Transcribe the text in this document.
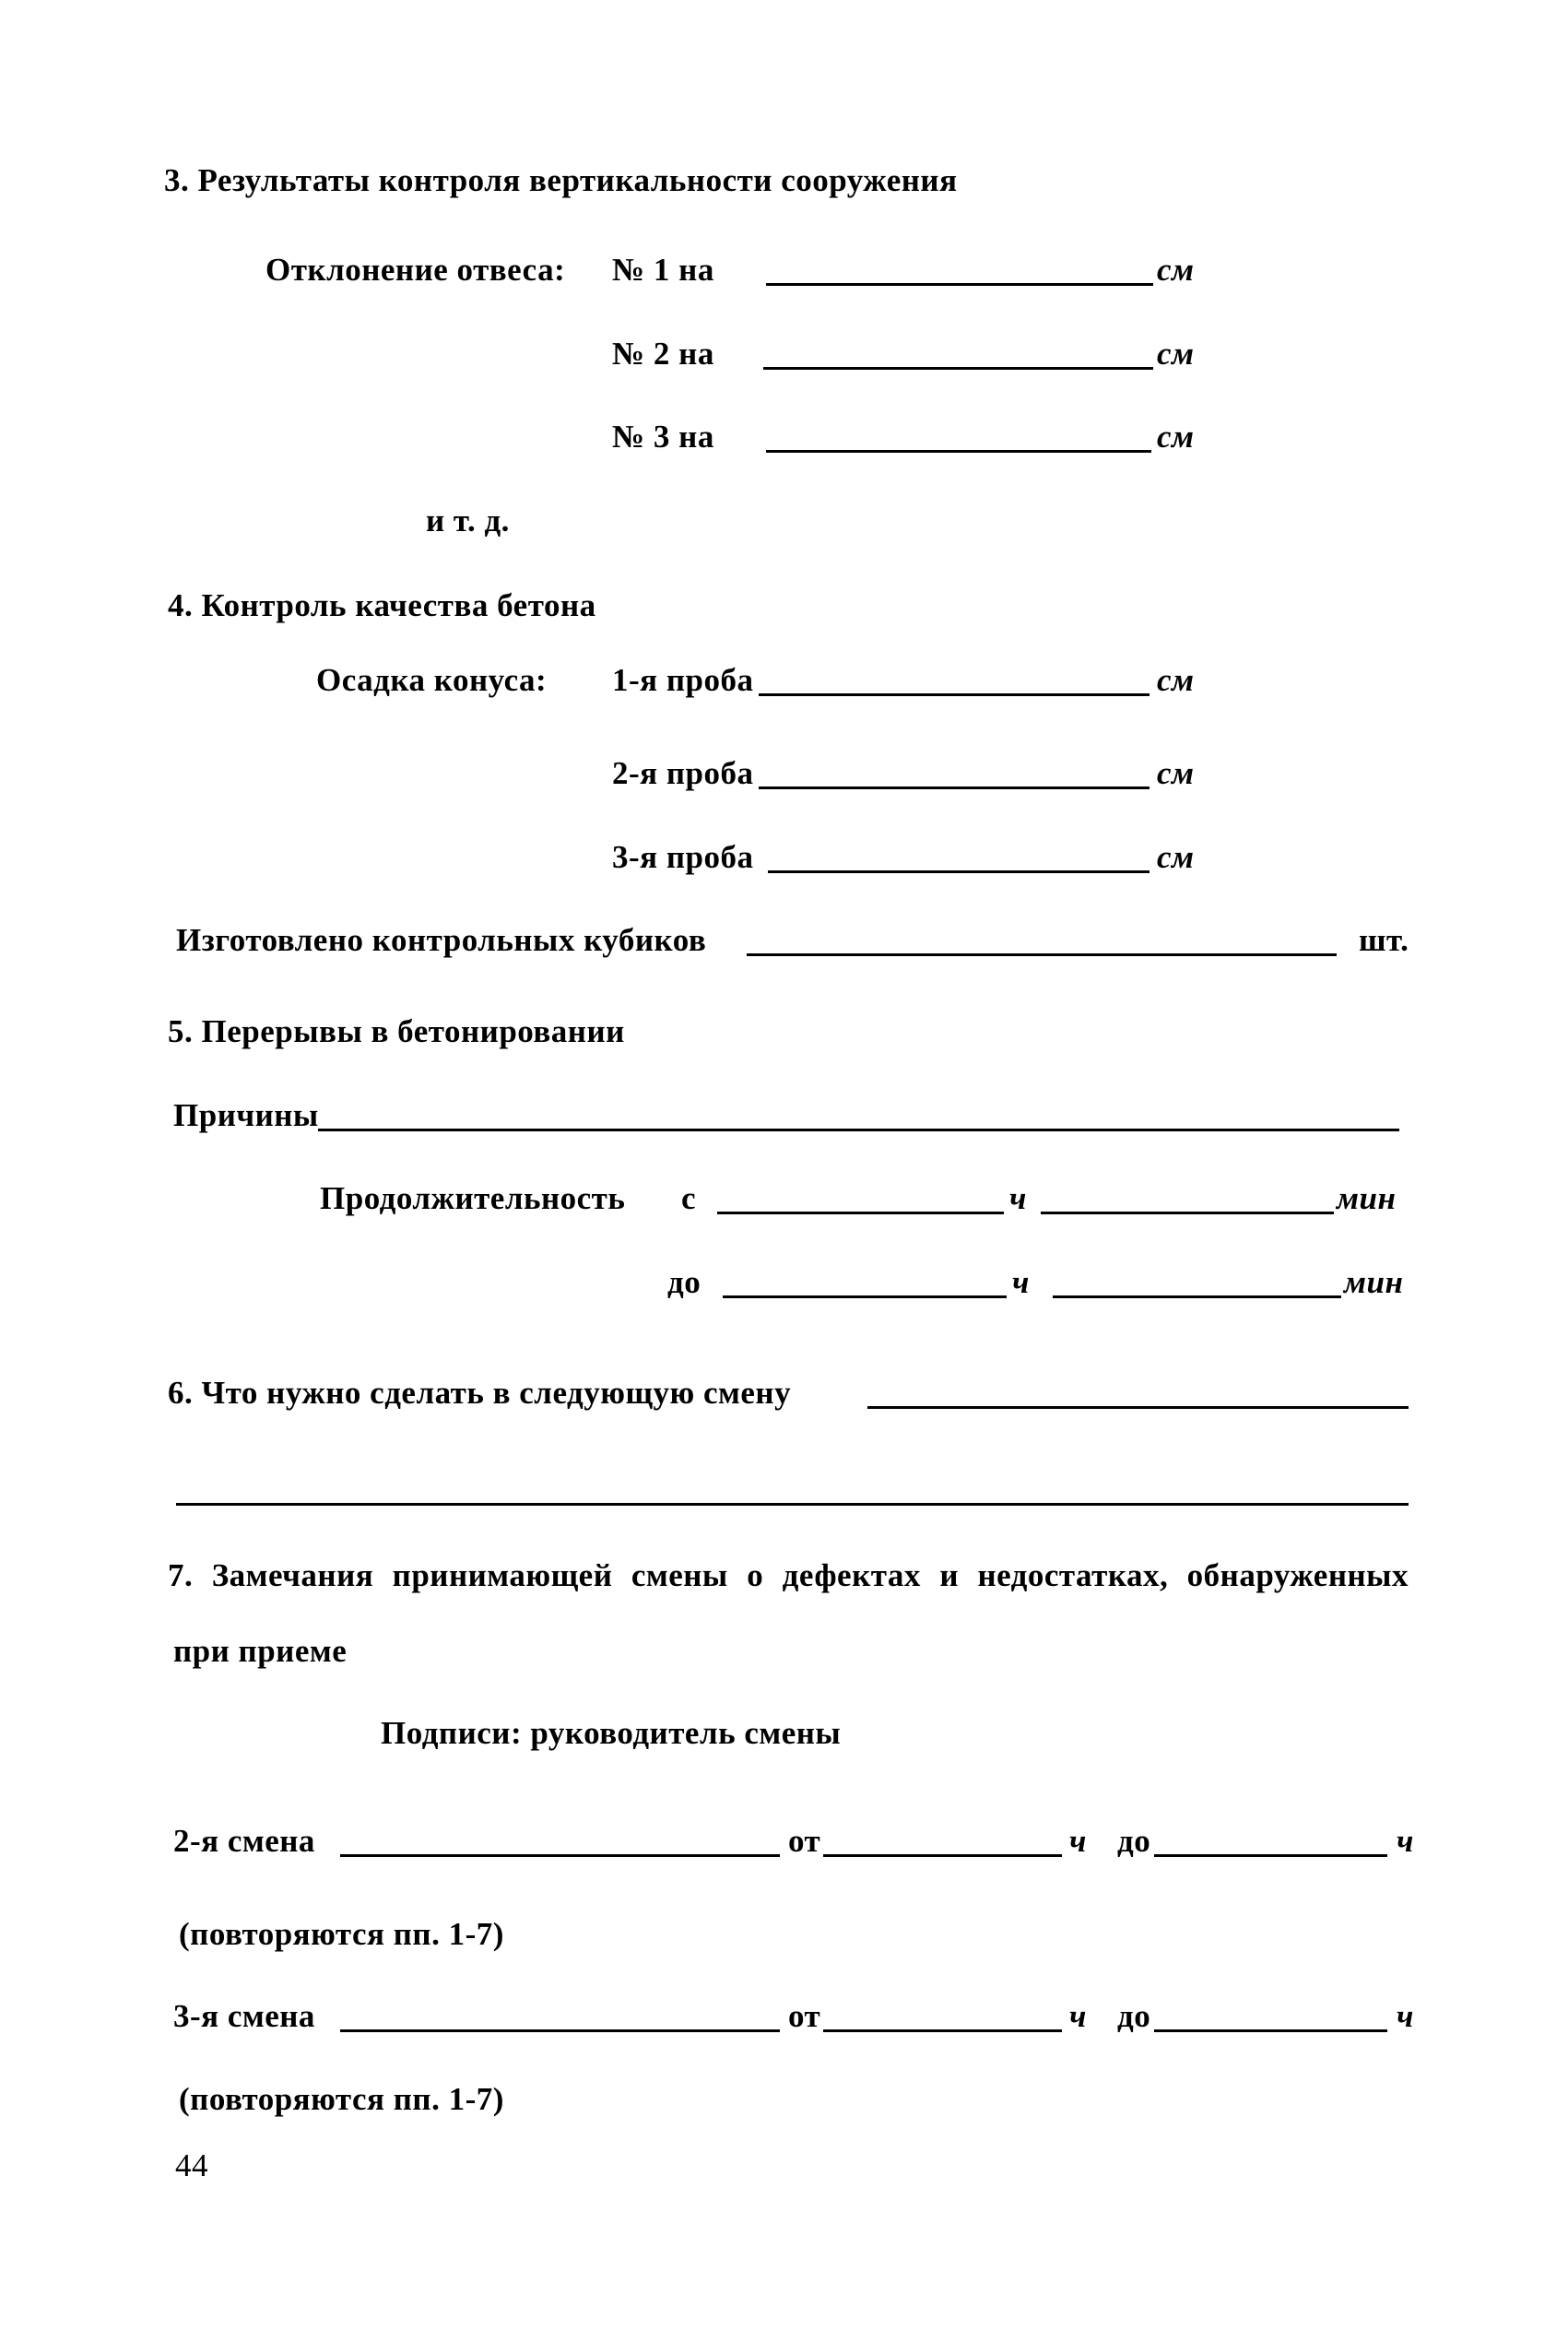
3. Результаты контроля вертикальности сооружения
Отклонение отвеса: № 1 на	см
№ 2 на	см
№ 3 на	см
и т. д.
4. Контроль качества бетона
Осадка конуса: 1-я проба	см
2-я проба	см
3-я проба	см
Изготовлено контрольных кубиков	шт.
5. Перерывы в бетонировании
Причины
Продолжительность с	ч	мин
до	ч	мин
6. Что нужно сделать в следующую смену
7. Замечания принимающей смены о дефектах и недостатках, обнаруженных
при приеме
Подписи: руководитель смены
2-я смена	от	ч до	ч
(повторяются пп. 1-7)
3-я смена	от	ч до	ч
(повторяются пп. 1-7)
44
